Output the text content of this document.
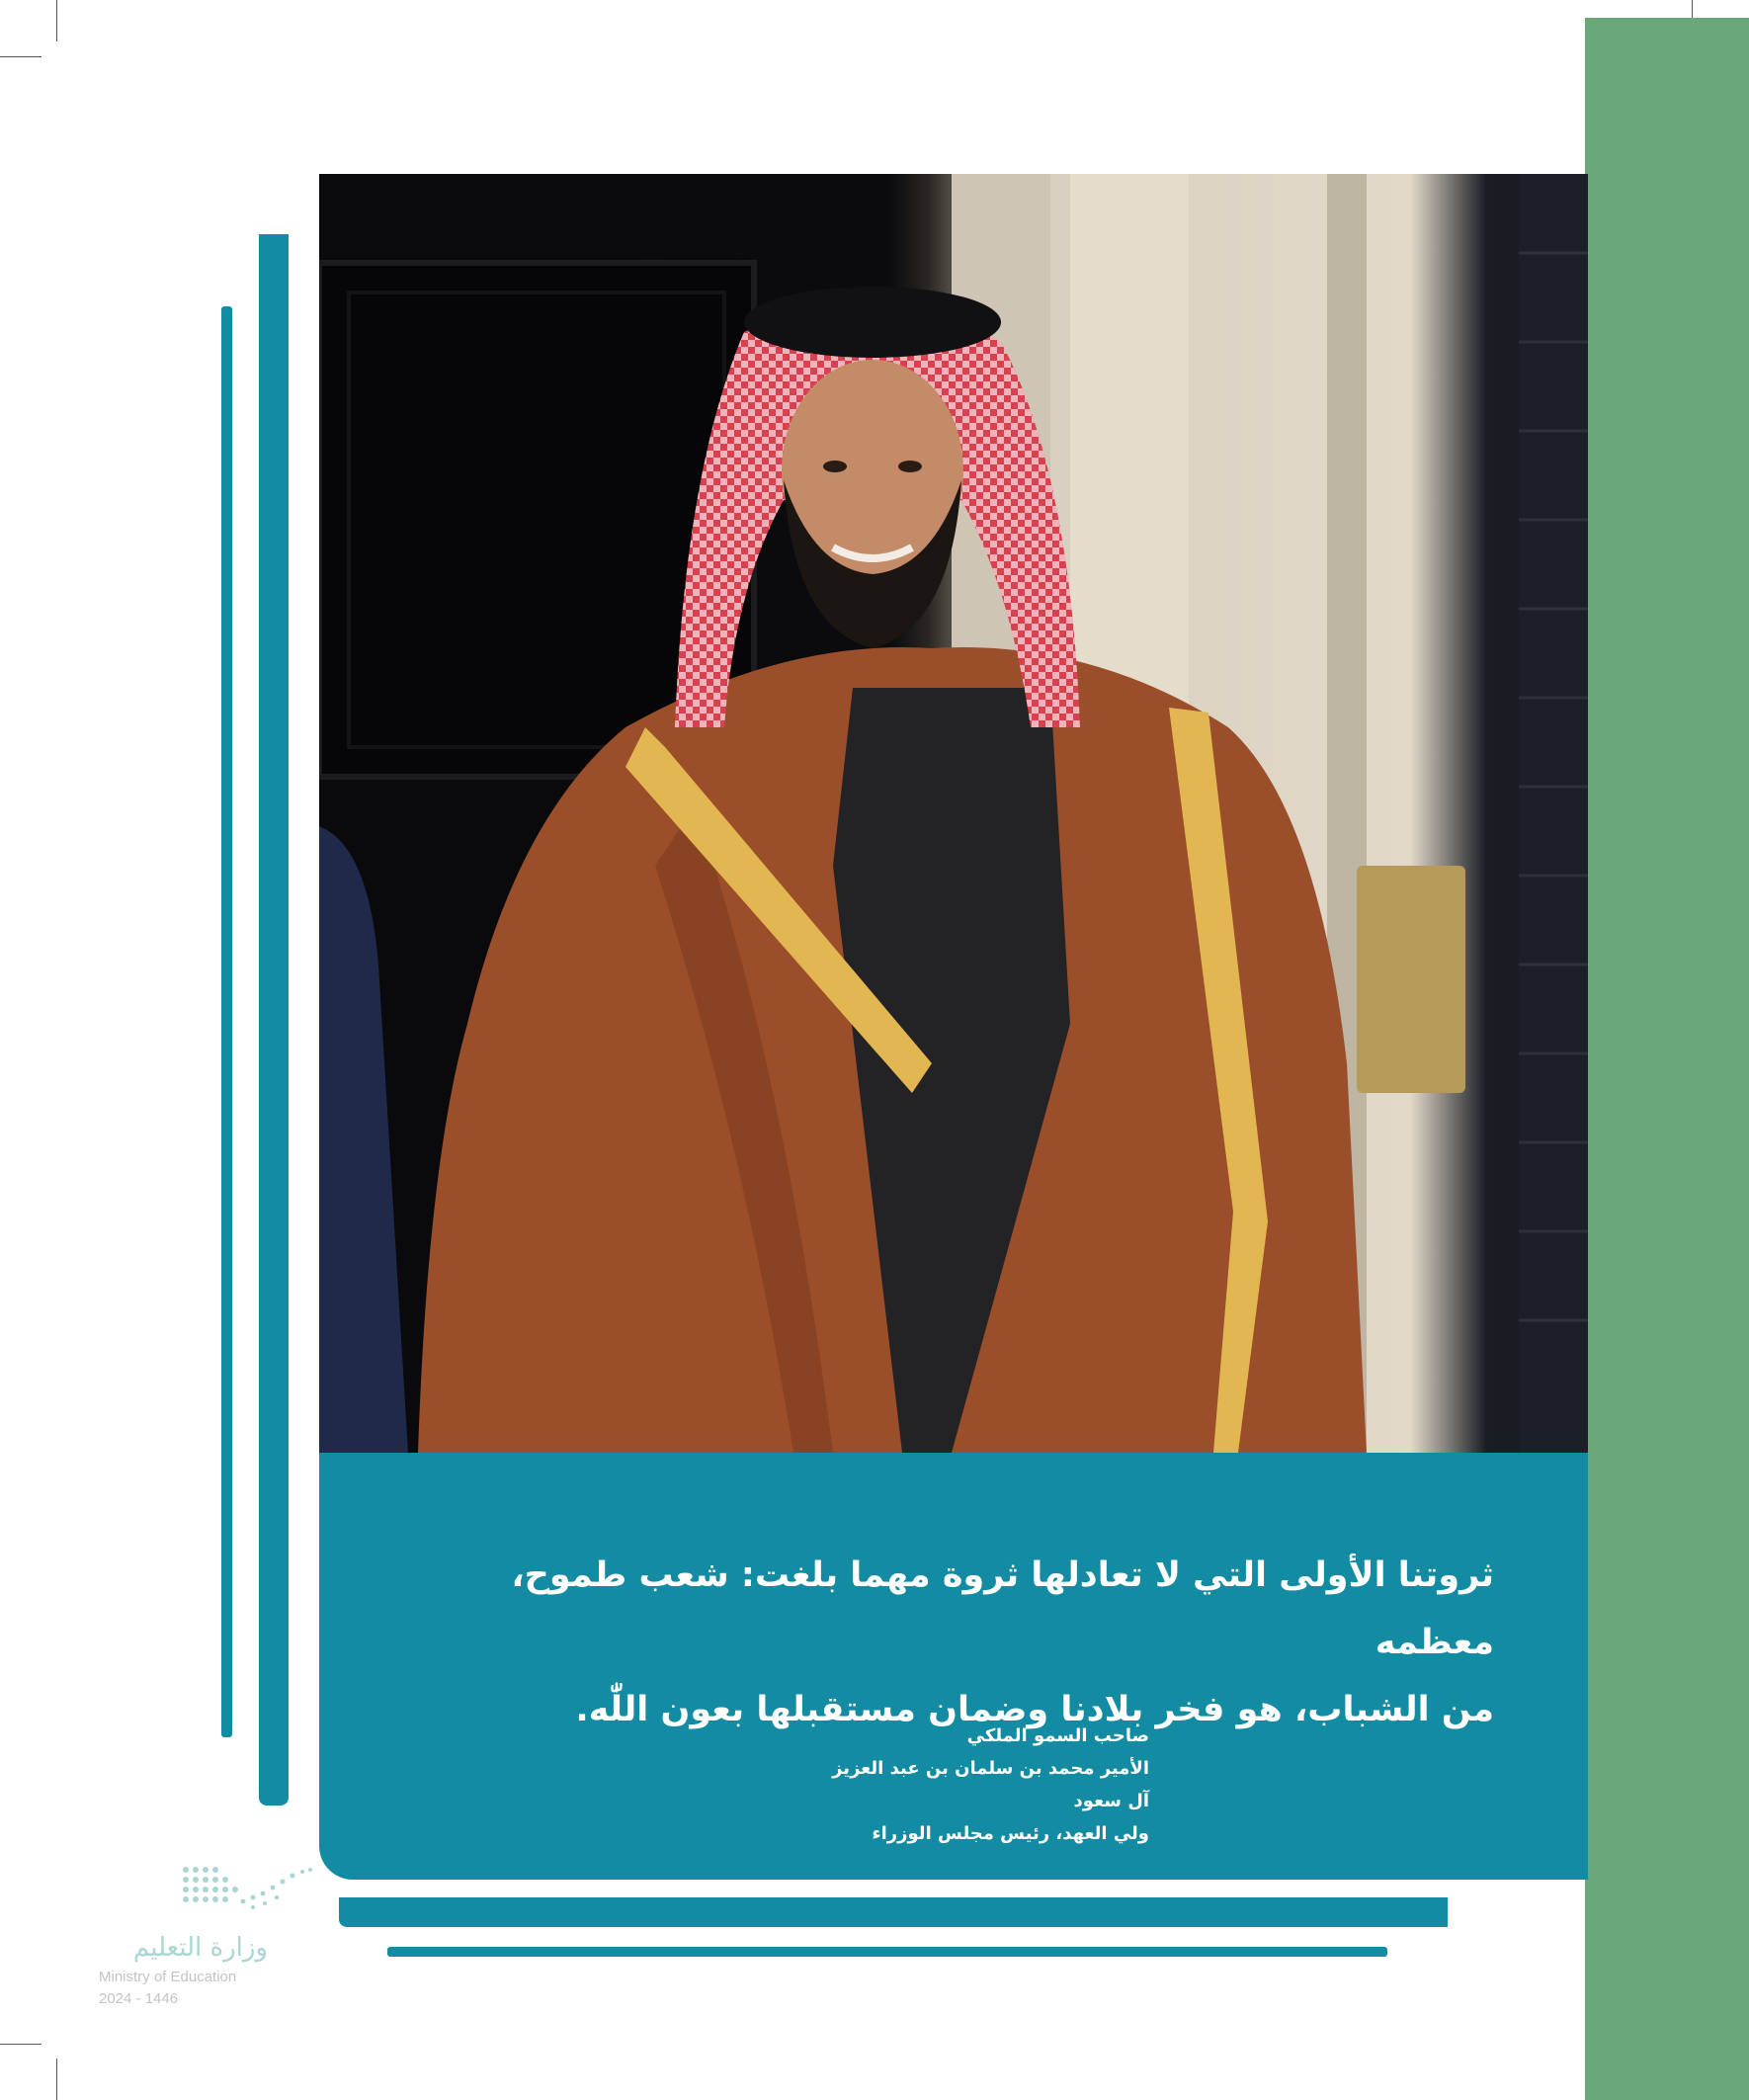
ثروتنا الأولى التي لا تعادلها ثروة مهما بلغت: شعب طموح، معظمه
من الشباب، هو فخر بلادنا وضمان مستقبلها بعون اللّٰه.
صاحب السمو الملكي
الأمير محمد بن سلمان بن عبد العزيز آل سعود
ولي العهد، رئيس مجلس الوزراء
وزارة التعليم
Ministry of Education
2024 - 1446
